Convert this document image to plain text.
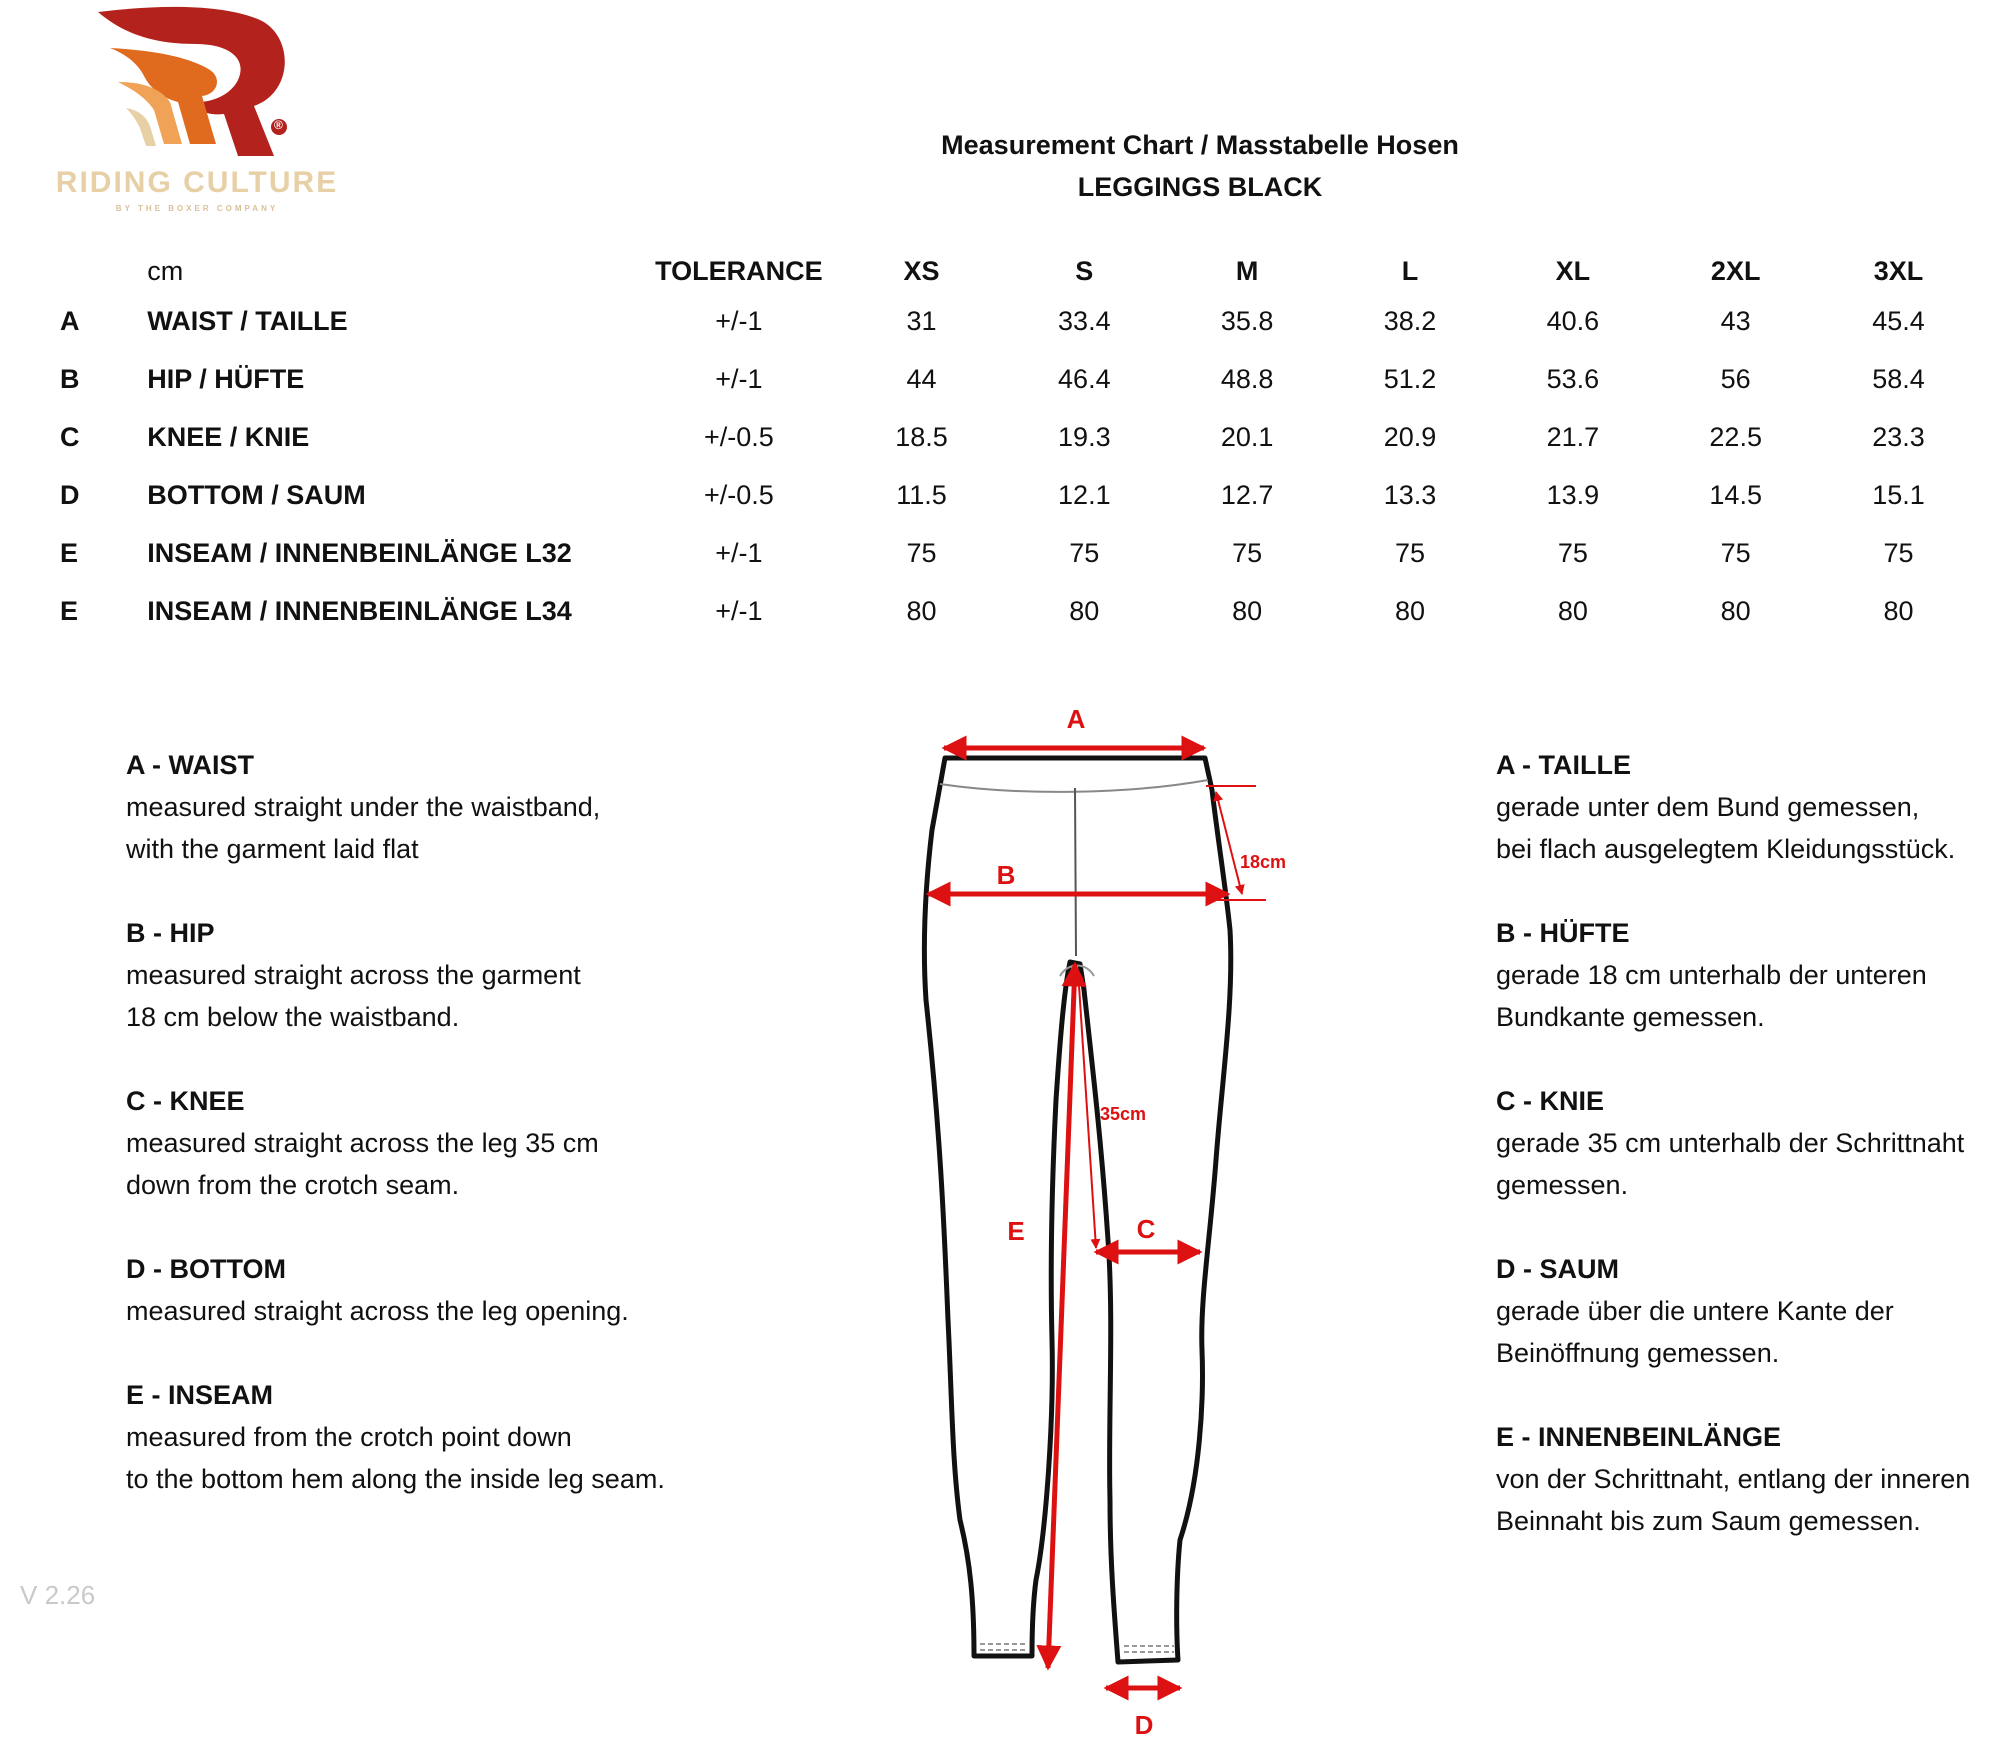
®
RIDING CULTURE
BY THE BOXER COMPANY
Measurement Chart / Masstabelle Hosen
LEGGINGS BLACK
	cm	TOLERANCE	XS	S	M	L	XL	2XL	3XL
A	WAIST / TAILLE	+/-1	31	33.4	35.8	38.2	40.6	43	45.4
B	HIP / HÜFTE	+/-1	44	46.4	48.8	51.2	53.6	56	58.4
C	KNEE / KNIE	+/-0.5	18.5	19.3	20.1	20.9	21.7	22.5	23.3
D	BOTTOM / SAUM	+/-0.5	11.5	12.1	12.7	13.3	13.9	14.5	15.1
E	INSEAM / INNENBEINLÄNGE L32	+/-1	75	75	75	75	75	75	75
E	INSEAM / INNENBEINLÄNGE L34	+/-1	80	80	80	80	80	80	80
A - WAIST
measured straight under the waistband,
with the garment laid flat
B - HIP
measured straight across the garment
18 cm below the waistband.
C - KNEE
measured straight across the leg 35 cm
down from the crotch seam.
D - BOTTOM
measured straight across the leg opening.
E - INSEAM
measured from the crotch point down
to the bottom hem along the inside leg seam.
A - TAILLE
gerade unter dem Bund gemessen,
bei flach ausgelegtem Kleidungsstück.
B - HÜFTE
gerade 18 cm unterhalb der unteren
Bundkante gemessen.
C - KNIE
gerade 35 cm unterhalb der Schrittnaht
gemessen.
D - SAUM
gerade über die untere Kante der
Beinöffnung gemessen.
E - INNENBEINLÄNGE
von der Schrittnaht, entlang der inneren
Beinnaht bis zum Saum gemessen.
A
B
C
D
E
18cm
35cm
V 2.26
